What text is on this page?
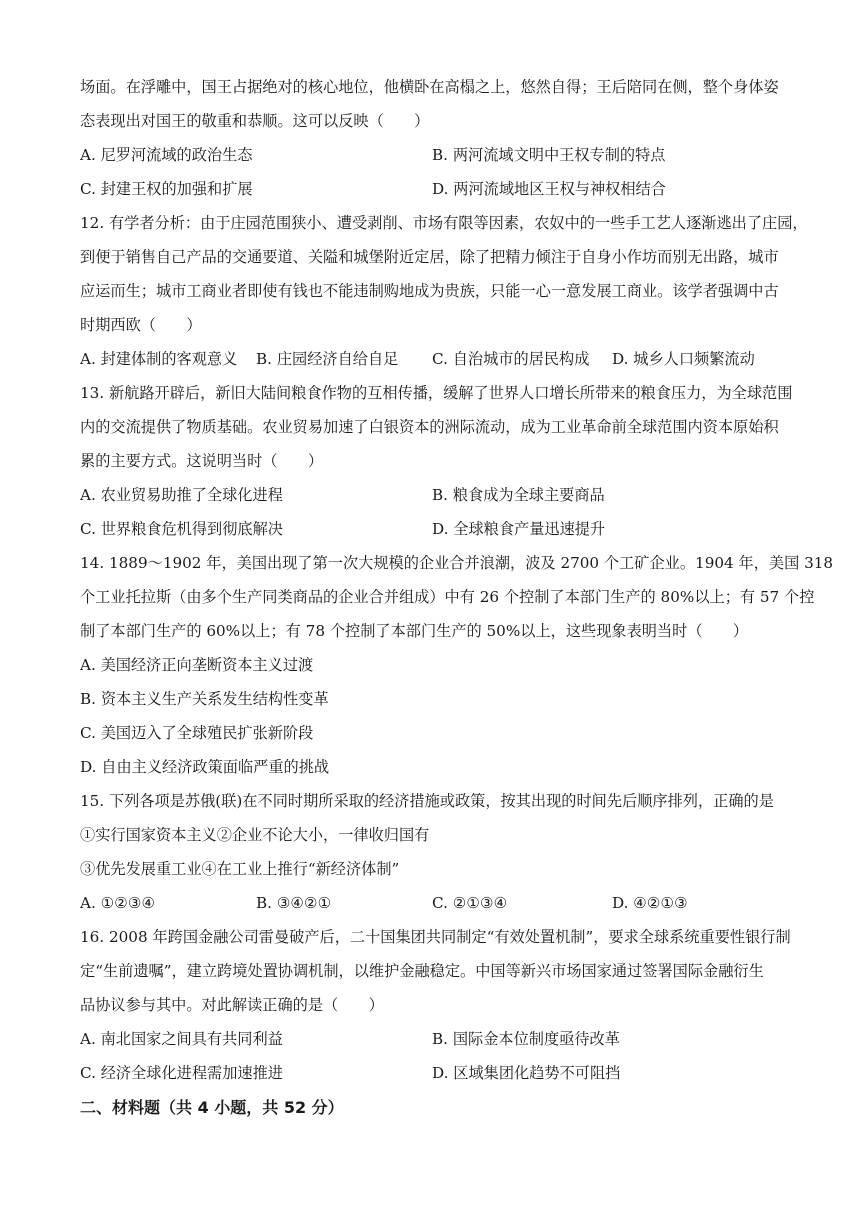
场面。在浮雕中，国王占据绝对的核心地位，他横卧在高榻之上，悠然自得；王后陪同在侧，整个身体姿
态表现出对国王的敬重和恭顺。这可以反映（　　）
A. 尼罗河流域的政治生态	B. 两河流域文明中王权专制的特点
C. 封建王权的加强和扩展	D. 两河流域地区王权与神权相结合
12. 有学者分析：由于庄园范围狭小、遭受剥削、市场有限等因素，农奴中的一些手工艺人逐渐逃出了庄园，
到便于销售自己产品的交通要道、关隘和城堡附近定居，除了把精力倾注于自身小作坊而别无出路，城市
应运而生；城市工商业者即使有钱也不能违制购地成为贵族，只能一心一意发展工商业。该学者强调中古
时期西欧（　　）
A. 封建体制的客观意义 B. 庄园经济自给自足 C. 自治城市的居民构成 D. 城乡人口频繁流动
13. 新航路开辟后，新旧大陆间粮食作物的互相传播，缓解了世界人口增长所带来的粮食压力，为全球范围
内的交流提供了物质基础。农业贸易加速了白银资本的洲际流动，成为工业革命前全球范围内资本原始积
累的主要方式。这说明当时（　　）
A. 农业贸易助推了全球化进程	B. 粮食成为全球主要商品
C. 世界粮食危机得到彻底解决	D. 全球粮食产量迅速提升
14. 1889～1902 年，美国出现了第一次大规模的企业合并浪潮，波及 2700 个工矿企业。1904 年，美国 318
个工业托拉斯（由多个生产同类商品的企业合并组成）中有 26 个控制了本部门生产的 80%以上；有 57 个控
制了本部门生产的 60%以上；有 78 个控制了本部门生产的 50%以上，这些现象表明当时（　　）
A. 美国经济正向垄断资本主义过渡
B. 资本主义生产关系发生结构性变革
C. 美国迈入了全球殖民扩张新阶段
D. 自由主义经济政策面临严重的挑战
15. 下列各项是苏俄(联)在不同时期所采取的经济措施或政策，按其出现的时间先后顺序排列，正确的是
①实行国家资本主义②企业不论大小，一律收归国有
③优先发展重工业④在工业上推行“新经济体制”
A. ①②③④	B. ③④②①	C. ②①③④	D. ④②①③
16. 2008 年跨国金融公司雷曼破产后，二十国集团共同制定“有效处置机制”，要求全球系统重要性银行制
定“生前遗嘱”，建立跨境处置协调机制，以维护金融稳定。中国等新兴市场国家通过签署国际金融衍生
品协议参与其中。对此解读正确的是（　　）
A. 南北国家之间具有共同利益	B. 国际金本位制度亟待改革
C. 经济全球化进程需加速推进	D. 区域集团化趋势不可阻挡
二、材料题（共 4 小题，共 52 分）
